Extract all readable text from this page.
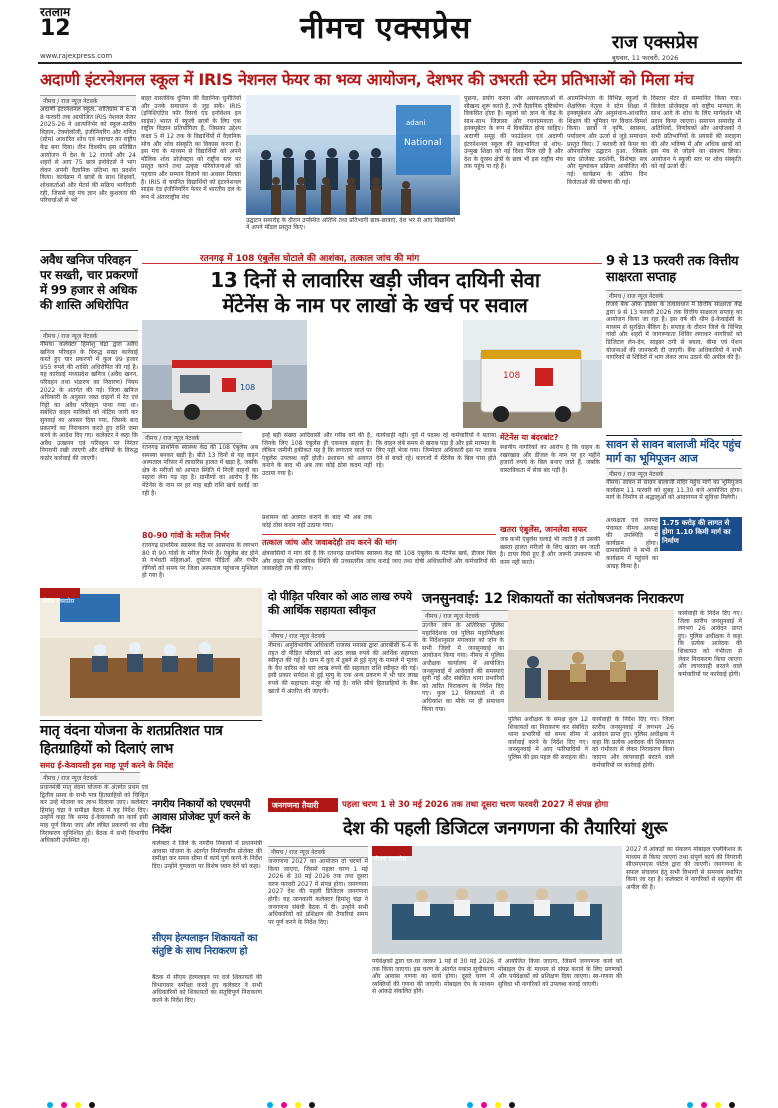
रतलाम
12
www.rajexpress.com
नीमच एक्सप्रेस	राज एक्सप्रेस
बुधवार, 11 फरवरी, 2026
अदाणी इंटरनेशनल स्कूल में IRIS नेशनल फेयर का भव्य आयोजन, देशभर की उभरती स्टेम प्रतिभाओं को मिला मंच
नीमच / राज न्यूज़ नेटवर्क
अदाणी इंटरनेशनल स्कूल, शांतिग्राम में 6 से 8 फरवरी तक आयोजित IRIS नेशनल फेयर 2025-26 ने आत्मनिर्भर को स्कूल-स्तरीय विज्ञान, टेक्नोलॉजी, इंजीनियरिंग और गणित (स्टेम) आधारित शोध एवं नवाचार का राष्ट्रीय केंद्र बना दिया। तीन दिवसीय इस प्रतिष्ठित आयोजन में देश के 12 राज्यों और 24 शहरों से आए 75 छात्र इनोवेटर्स ने भाग लेकर अपनी वैज्ञानिक प्रतिभा का प्रदर्शन किया। कार्यक्रम में छात्रों के साथ शिक्षकों, शोधकर्ताओं और मेंटर्स की सक्रिय भागीदारी रही, जिससे यह मंच ज्ञान और कुशलता की परिचर्चाओं से भरे
बाहर वास्तविक दुनिया की वैज्ञानिक चुनौतियों और उनके समाधान से जुड़ सकें। IRIS (इनिशिएटिव फॉर रिसर्च एंड इनोवेशन इन साइंस) भारत में स्कूली छात्रों के लिए एक राष्ट्रीय विज्ञान प्रतियोगिता है, जिसका उद्देश्य कक्षा 5 से 12 तक के विद्यार्थियों में वैज्ञानिक सोच और शोध संस्कृति का विकास करना है। इस मंच के माध्यम से विद्यार्थियों को अपने मौलिक शोध प्रोजेक्ट्स को राष्ट्रीय स्तर पर प्रस्तुत करने तथा उत्कृष्ट परियोजनाओं को पहचान और सम्मान दिलाने का अवसर मिलता है। IRIS से चयनित विद्यार्थियों को इंटरनेशनल साइंस एंड इंजीनियरिंग फेयर में भारतीय दल के रूप में अंतरराष्ट्रीय मंच
adani
National
उद्घाटन समारोह के दौरान उपस्थित अतिथि तथा प्रतिभागी छात्र-छात्राएं, देश भर से आए विद्यार्थियों ने अपने मॉडल प्रस्तुत किए।
पूछना, प्रयोग करना और असफलताओं से सीखना शुरू करते हैं, तभी वैज्ञानिक दृष्टिकोण विकसित होता है। स्कूलों को ज्ञान के केंद्र के साथ-साथ जिज्ञासा और रचनात्मकता के इनक्यूबेटर के रूप में विकसित होना चाहिए। अदाणी समूह की फाउंडेशन एवं अदाणी इंटरनेशनल स्कूल की सहभागिता से शोध-उन्मुख शिक्षा को नई दिशा मिल रही है और देश के दूरस्थ क्षेत्रों के छात्र भी इस राष्ट्रीय मंच तक पहुंच पा रहे हैं।
आत्मनिर्भरता के विभिन्न स्कूलों के शैक्षणिक नेतृत्व ने स्टेम शिक्षा में इनक्यूबेशन और अनुसंधान-आधारित शिक्षण की भूमिका पर विचार-विमर्श किया। छात्रों ने कृषि, स्वास्थ्य, पर्यावरण और ऊर्जा से जुड़े समाधान प्रस्तुत किए। 7 फरवरी को फेयर का औपचारिक उद्घाटन हुआ, जिसके बाद प्रोजेक्ट प्रदर्शनी, विशेषज्ञ सत्र और मूल्यांकन प्रक्रिया आयोजित की गई। कार्यक्रम के अंतिम दिन विजेताओं की घोषणा की गई।
विस्तार मेंटर से सम्मानित किया गया। विजेता प्रोजेक्ट्स को राष्ट्रीय मान्यता के साथ आगे के शोध के लिए मार्गदर्शन भी प्रदान किया जाएगा। समापन समारोह में अतिथियों, निर्णायकों और आयोजकों ने सभी प्रतिभागियों के प्रयासों की सराहना की और भविष्य में और अधिक छात्रों को इस मंच से जोड़ने का संकल्प लिया। आयोजन ने स्कूली स्तर पर शोध संस्कृति को नई ऊर्जा दी।
अवैध खनिज परिवहन पर सख्ती, चार प्रकरणों में 99 हजार से अधिक की शास्ति अधिरोपित
नीमच / राज न्यूज़ नेटवर्क
नीमच। कलेक्टर हिमांशु चंद्रा द्वारा अवैध खनिज परिवहन के विरुद्ध सख्त कार्रवाई करते हुए चार प्रकरणों में कुल 99 हजार 955 रुपये की शास्ति अधिरोपित की गई है। यह कार्रवाई मध्यप्रदेश खनिज (अवैध खनन, परिवहन तथा भंडारण का निवारण) नियम 2022 के अंतर्गत की गई। जिला खनिज अधिकारी के अनुसार जब्त वाहनों में रेत एवं गिट्टी का अवैध परिवहन पाया गया था। संबंधित वाहन मालिकों को नोटिस जारी कर सुनवाई का अवसर दिया गया, जिसके बाद प्रकरणों का निराकरण करते हुए राशि जमा करने के आदेश दिए गए। कलेक्टर ने कहा कि अवैध उत्खनन एवं परिवहन पर निरंतर निगरानी रखी जाएगी और दोषियों के विरुद्ध कठोर कार्रवाई की जाएगी।
रतनगढ़ में 108 एंबुलेंस घोटाले की आशंका, तत्काल जांच की मांग
13 दिनों से लावारिस खड़ी जीवन दायिनी सेवा
मेंटेनेंस के नाम पर लाखों के खर्च पर सवाल
108
108
नीमच / राज न्यूज़ नेटवर्क
रतनगढ़ प्राथमिक स्वास्थ्य केंद्र की 108 एंबुलेंस अब समस्या बनकर खड़ी है। बीते 13 दिनों से यह वाहन अस्पताल परिसर में लावारिस हालत में खड़ा है, जबकि क्षेत्र के मरीजों को आपात स्थिति में निजी वाहनों का सहारा लेना पड़ रहा है। ग्रामीणों का आरोप है कि मेंटेनेंस के नाम पर हर माह बड़ी राशि खर्च दर्शाई जा रही है।
80-90 गांवों के मरीज निर्भर
रतनगढ़ प्राथमिक स्वास्थ्य केंद्र पर आसपास के लगभग 80 से 90 गांवों के मरीज निर्भर हैं। एंबुलेंस बंद होने से गर्भवती महिलाओं, दुर्घटना पीड़ितों और गंभीर रोगियों को समय पर जिला अस्पताल पहुंचाना मुश्किल हो गया है।
इन्हें बड़ी संख्या आदिवासी और गरीब वर्ग की है, जिनके लिए 108 एंबुलेंस ही एकमात्र सहारा है। लेकिन जमीनी हकीकत यह है कि लगातार चार्ज पर एंबुलेंस उपलब्ध नहीं होती। प्रशासन को अवगत कराने के बाद भी अब तक कोई ठोस कदम नहीं उठाया गया है।
प्रशासन को अवगत कराने के बाद भी अब तक कोई ठोस कदम नहीं उठाया गया।
कार्यवाही नहीं। पूर्व में पदस्थ रहे कर्मचारियों ने बताया कि वाहन लंबे समय से खराब पड़ा है और इसे मरम्मत के लिए नहीं भेजा गया। जिम्मेदार अधिकारी इस पर जवाब देने से बचते रहे। कागजों में मेंटेनेंस के बिल पास होते रहे।
मेंटेनेंस या बंदरबांट?
स्थानीय नागरिकों का आरोप है कि वाहन के रखरखाव और डीजल के नाम पर हर महीने हजारों रुपये के बिल बनाए जाते हैं, जबकि वास्तविकता में सेवा बंद पड़ी है।
खतरा एंबुलेंस, जानलेवा सफर
जब कभी एंबुलेंस चलाई भी जाती है तो उसकी खस्ता हालत मरीजों के लिए खतरा बन जाती है। टायर घिसे हुए हैं और जरूरी उपकरण भी काम नहीं करते।
तत्काल जांच और जवाबदेही तय करने की मांग
क्षेत्रवासियों ने मांग की है कि रतनगढ़ प्राथमिक स्वास्थ्य केंद्र की 108 एंबुलेंस के मेंटेनेंस खर्च, डीजल बिल और वाहन की वास्तविक स्थिति की उच्चस्तरीय जांच कराई जाए तथा दोषी अधिकारियों और कर्मचारियों की जवाबदेही तय की जाए।
9 से 13 फरवरी तक वित्तीय साक्षरता सप्ताह
नीमच / राज न्यूज़ नेटवर्क
रिजर्व बैंक ऑफ इंडिया के तत्वावधान में वित्तीय साक्षरता केंद्र द्वारा 9 से 13 फरवरी 2026 तक वित्तीय साक्षरता सप्ताह का आयोजन किया जा रहा है। इस वर्ष की थीम ई-केवाईसी के माध्यम से सुरक्षित बैंकिंग है। सप्ताह के दौरान जिले के विभिन्न गांवों और शहरों में जागरूकता शिविर लगाकर नागरिकों को डिजिटल लेन-देन, साइबर ठगी से बचाव, बीमा एवं पेंशन योजनाओं की जानकारी दी जाएगी। बैंक अधिकारियों ने सभी नागरिकों से शिविरों में भाग लेकर लाभ उठाने की अपील की है।
सावन से सावन बालाजी मंदिर पहुंच मार्ग का भूमिपूजन आज
नीमच / राज न्यूज़ नेटवर्क
नीमच। सावन से सावन बालाजी मंदिर पहुंच मार्ग का भूमिपूजन कार्यक्रम 11 फरवरी को सुबह 11.30 बजे आयोजित होगा। मार्ग के निर्माण से श्रद्धालुओं को आवागमन में सुविधा मिलेगी।
1.75 करोड़ की लागत से होगा 1.10 किमी मार्ग का निर्माण
अध्यक्षता एवं जनपद पंचायत नीमच अध्यक्ष की उपस्थिति में कार्यक्रम होगा। ग्रामवासियों ने सभी से कार्यक्रम में पहुंचने का आग्रह किया है।
नीमच एक्सप्रेस	दो पीड़ित परिवार को आठ लाख रुपये की आर्थिक सहायता स्वीकृत
नीमच / राज न्यूज़ नेटवर्क
नीमच। अनुविभागीय अधिकारी राजस्व मनासा द्वारा आरबीसी 6-4 के तहत दो पीड़ित परिवारों को आठ लाख रुपये की आर्थिक सहायता स्वीकृत की गई है। ग्राम में कुएं में डूबने से हुई मृत्यु के मामले में मृतक के वैध वारिस को चार लाख रुपये की सहायता राशि स्वीकृत की गई। इसी प्रकार सर्पदंश से हुई मृत्यु के एक अन्य प्रकरण में भी चार लाख रुपये की सहायता मंजूर की गई है। राशि सीधे हितग्राहियों के बैंक खातों में अंतरित की जाएगी।
जनसुनवाई: 12 शिकायतों का संतोषजनक निराकरण
नीमच / राज न्यूज़ नेटवर्क
उज्जैन जोन के अतिरिक्त पुलिस महानिदेशक एवं पुलिस महानिरीक्षक के निर्देशानुसार मंगलवार को जोन के सभी जिलों में जनसुनवाई का आयोजन किया गया। नीमच में पुलिस अधीक्षक कार्यालय में आयोजित जनसुनवाई में आवेदकों की समस्याएं सुनी गईं और संबंधित थाना प्रभारियों को त्वरित निराकरण के निर्देश दिए गए। कुल 12 शिकायतों में से अधिकांश का मौके पर ही समाधान किया गया।
पुलिस अधीक्षक के समक्ष कुल 12 शिकायतों का निराकरण कर संबंधित थाना प्रभारियों को समय सीमा में कार्रवाई करने के निर्देश दिए गए। जनसुनवाई में आए फरियादियों ने पुलिस की इस पहल की सराहना की।
कार्यवाही के निर्देश दिए गए। जिला स्तरीय जनसुनवाई में लगभग 26 आवेदन प्राप्त हुए। पुलिस अधीक्षक ने कहा कि प्रत्येक आवेदक की शिकायत को गंभीरता से लेकर निराकरण किया जाएगा और लापरवाही बरतने वाले कर्मचारियों पर कार्रवाई होगी।
कार्यवाही के निर्देश दिए गए। जिला स्तरीय जनसुनवाई में लगभग 26 आवेदन प्राप्त हुए। पुलिस अधीक्षक ने कहा कि प्रत्येक आवेदक की शिकायत को गंभीरता से लेकर निराकरण किया जाएगा और लापरवाही बरतने वाले कर्मचारियों पर कार्रवाई होगी।
मातृ वंदना योजना के शतप्रतिशत पात्र हितग्राहियों को दिलाएं लाभ
समग्र ई-केवायसी इस माह पूर्ण करने के निर्देश
नीमच / राज न्यूज़ नेटवर्क
प्रधानमंत्री मातृ वंदना योजना के अंतर्गत प्रथम एवं द्वितीय प्रसव के सभी पात्र हितग्राहियों को चिन्हित कर उन्हें योजना का लाभ दिलाया जाए। कलेक्टर हिमांशु चंद्रा ने समीक्षा बैठक में यह निर्देश दिए। उन्होंने कहा कि समग्र ई-केवायसी का कार्य इसी माह पूर्ण किया जाए और लंबित प्रकरणों का शीघ्र निराकरण सुनिश्चित हो। बैठक में सभी विभागीय अधिकारी उपस्थित रहे।
नगरीय निकायों को एचएमपी आवास प्रोजेक्ट पूर्ण करने के निर्देश
कलेक्टर ने जिले के नगरीय निकायों में प्रधानमंत्री आवास योजना के अंतर्गत निर्माणाधीन प्रोजेक्ट की समीक्षा कर समय सीमा में कार्य पूर्ण करने के निर्देश दिए। उन्होंने गुणवत्ता पर विशेष ध्यान देने को कहा।
सीएम हेल्पलाइन शिकायतों का संतुष्टि के साथ निराकरण हो
बैठक में सीएम हेल्पलाइन पर दर्ज शिकायतों की विभागवार समीक्षा करते हुए कलेक्टर ने सभी अधिकारियों को शिकायतों का संतुष्टिपूर्ण निराकरण करने के निर्देश दिए।
जनगणना तैयारी	पहला चरण 1 से 30 मई 2026 तक तथा दूसरा चरण फरवरी 2027 में संपन्न होगा
देश की पहली डिजिटल जनगणना की तैयारियां शुरू
नीमच / राज न्यूज़ नेटवर्क
जनगणना 2027 का आयोजन दो चरणों में किया जाएगा, जिसमें पहला चरण 1 मई 2026 से 30 मई 2026 तक तथा दूसरा चरण फरवरी 2027 में संपन्न होगा। जनगणना 2027 देश की पहली डिजिटल जनगणना होगी। यह जानकारी कलेक्टर हिमांशु चंद्रा ने जनगणना संबंधी बैठक में दी। उन्होंने सभी अधिकारियों को प्रशिक्षण की तैयारियां समय पर पूर्ण करने के निर्देश दिए।
नीमच एक्सप्रेस
पर्यवेक्षकों द्वारा घर-घर जाकर 1 मई से 30 मई 2026 तक किया जाएगा। इस चरण के अंतर्गत मकान सूचीकरण और आवास गणना का कार्य होगा। दूसरे चरण में व्यक्तियों की गणना की जाएगी। मोबाइल ऐप के माध्यम से आंकड़े संकलित होंगे।
में आयोजित किया जाएगा, जिसमें जनगणना कार्य को मोबाइल ऐप के माध्यम से संपन्न कराने के लिए प्रगणकों और पर्यवेक्षकों को प्रशिक्षण दिया जाएगा। स्व-गणना की सुविधा भी नागरिकों को उपलब्ध कराई जाएगी।
2027 में आंकड़ों का संकलन मोबाइल एप्लीकेशन के माध्यम से किया जाएगा तथा संपूर्ण कार्य की निगरानी सीएमएमएस पोर्टल द्वारा की जाएगी। जनगणना के सफल संचालन हेतु सभी विभागों से समन्वय स्थापित किया जा रहा है। कलेक्टर ने नागरिकों से सहयोग की अपील की है।
